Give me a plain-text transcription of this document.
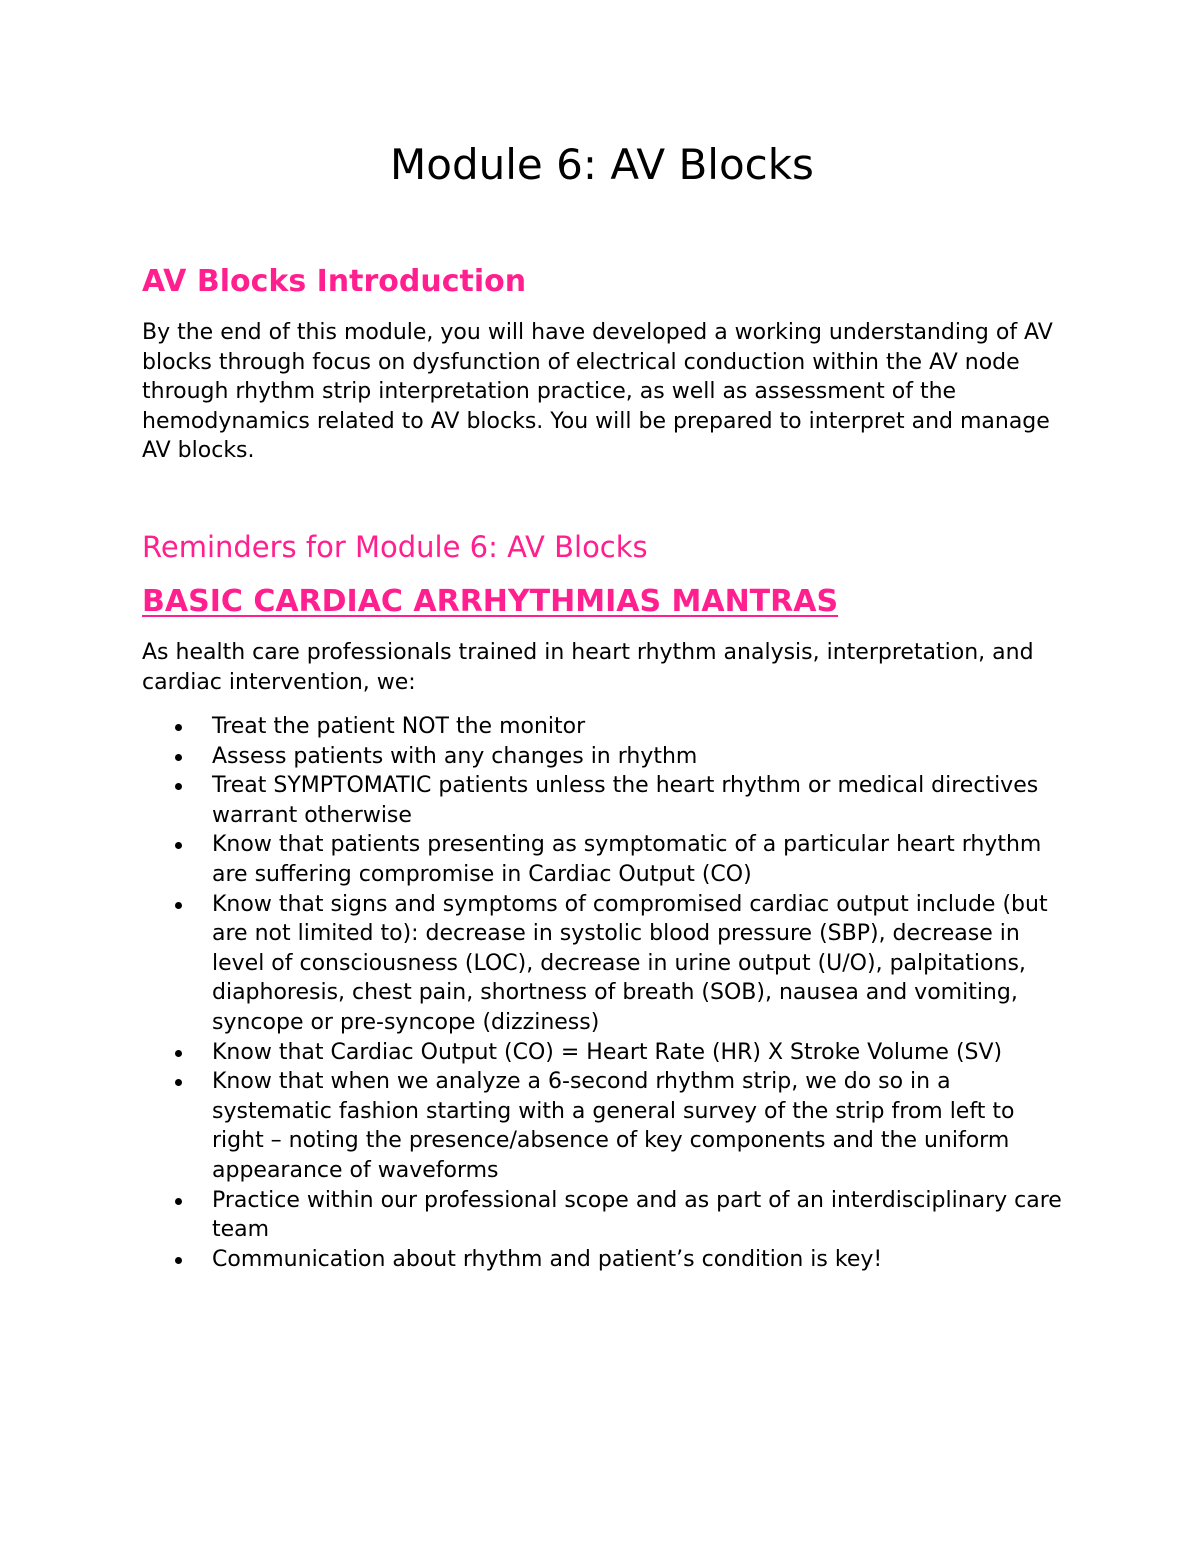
Module 6: AV Blocks
AV Blocks Introduction

By the end of this module, you will have developed a working understanding of AV blocks through focus on dysfunction of electrical conduction within the AV node through rhythm strip interpretation practice, as well as assessment of the hemodynamics related to AV blocks. You will be prepared to interpret and manage AV blocks.

Reminders for Module 6: AV Blocks
BASIC CARDIAC ARRHYTHMIAS MANTRAS

As health care professionals trained in heart rhythm analysis, interpretation, and cardiac intervention, we:

Treat the patient NOT the monitor
Assess patients with any changes in rhythm
Treat SYMPTOMATIC patients unless the heart rhythm or medical directives warrant otherwise
Know that patients presenting as symptomatic of a particular heart rhythm are suffering compromise in Cardiac Output (CO)
Know that signs and symptoms of compromised cardiac output include (but are not limited to): decrease in systolic blood pressure (SBP), decrease in level of consciousness (LOC), decrease in urine output (U/O), palpitations, diaphoresis, chest pain, shortness of breath (SOB), nausea and vomiting, syncope or pre-syncope (dizziness)
Know that Cardiac Output (CO) = Heart Rate (HR) X Stroke Volume (SV)
Know that when we analyze a 6-second rhythm strip, we do so in a systematic fashion starting with a general survey of the strip from left to right – noting the presence/absence of key components and the uniform appearance of waveforms
Practice within our professional scope and as part of an interdisciplinary care team
Communication about rhythm and patient’s condition is key!
